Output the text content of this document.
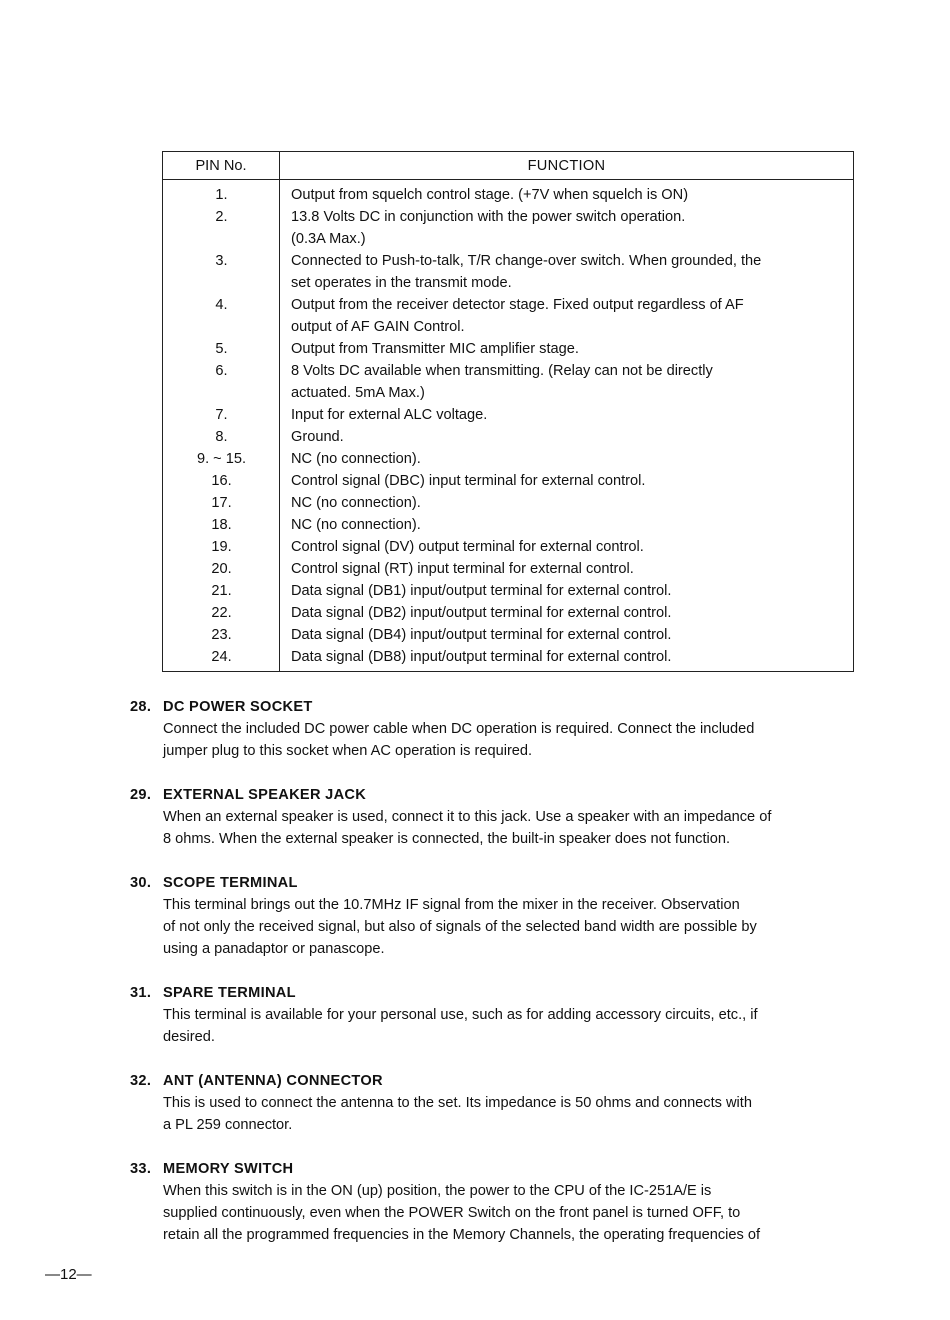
PIN No.	FUNCTION
1.	Output from squelch control stage. (+7V when squelch is ON)
2.	13.8 Volts DC in conjunction with the power switch operation.
(0.3A Max.)
3.	Connected to Push-to-talk, T/R change-over switch. When grounded, the
set operates in the transmit mode.
4.	Output from the receiver detector stage. Fixed output regardless of AF
output of AF GAIN Control.
5.	Output from Transmitter MIC amplifier stage.
6.	8 Volts DC available when transmitting. (Relay can not be directly
actuated. 5mA Max.)
7.	Input for external ALC voltage.
8.	Ground.
9. ~ 15.	NC (no connection).
16.	Control signal (DBC) input terminal for external control.
17.	NC (no connection).
18.	NC (no connection).
19.	Control signal (DV) output terminal for external control.
20.	Control signal (RT) input terminal for external control.
21.	Data signal (DB1) input/output terminal for external control.
22.	Data signal (DB2) input/output terminal for external control.
23.	Data signal (DB4) input/output terminal for external control.
24.	Data signal (DB8) input/output terminal for external control.
28. DC POWER SOCKET
Connect the included DC power cable when DC operation is required. Connect the included
jumper plug to this socket when AC operation is required.
29. EXTERNAL SPEAKER JACK
When an external speaker is used, connect it to this jack. Use a speaker with an impedance of
8 ohms. When the external speaker is connected, the built-in speaker does not function.
30. SCOPE TERMINAL
This terminal brings out the 10.7MHz IF signal from the mixer in the receiver. Observation
of not only the received signal, but also of signals of the selected band width are possible by
using a panadaptor or panascope.
31. SPARE TERMINAL
This terminal is available for your personal use, such as for adding accessory circuits, etc., if
desired.
32. ANT (ANTENNA) CONNECTOR
This is used to connect the antenna to the set. Its impedance is 50 ohms and connects with
a PL 259 connector.
33. MEMORY SWITCH
When this switch is in the ON (up) position, the power to the CPU of the IC-251A/E is
supplied continuously, even when the POWER Switch on the front panel is turned OFF, to
retain all the programmed frequencies in the Memory Channels, the operating frequencies of
—12—
